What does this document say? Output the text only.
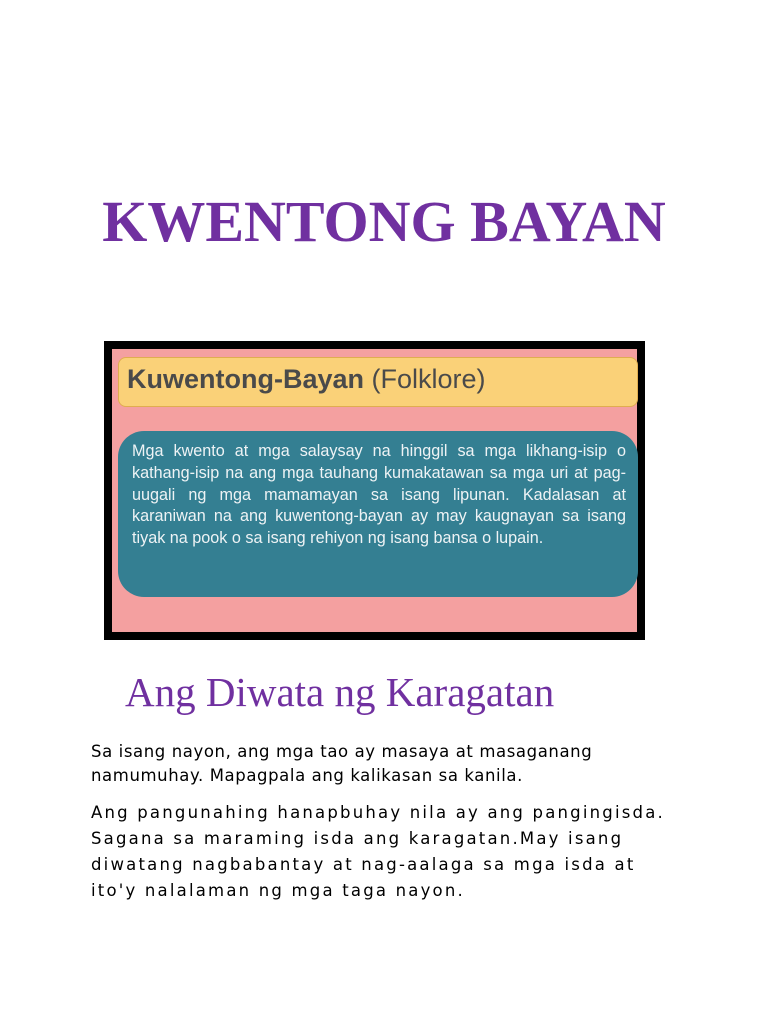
KWENTONG BAYAN
Kuwentong-Bayan (Folklore)
Mga kwento at mga salaysay na hinggil sa mga likhang-isip o kathang-isip na ang mga tauhang kumakatawan sa mga uri at pag-uugali ng mga mamamayan sa isang lipunan. Kadalasan at karaniwan na ang kuwentong-bayan ay may kaugnayan sa isang tiyak na pook o sa isang rehiyon ng isang bansa o lupain.
Ang Diwata ng Karagatan

Sa isang nayon, ang mga tao ay masaya at masaganang namumuhay. Mapagpala ang kalikasan sa kanila.

Ang pangunahing hanapbuhay nila ay ang pangingisda. Sagana sa maraming isda ang karagatan.May isang diwatang nagbabantay at nag-aalaga sa mga isda at ito'y nalalaman ng mga taga nayon.
